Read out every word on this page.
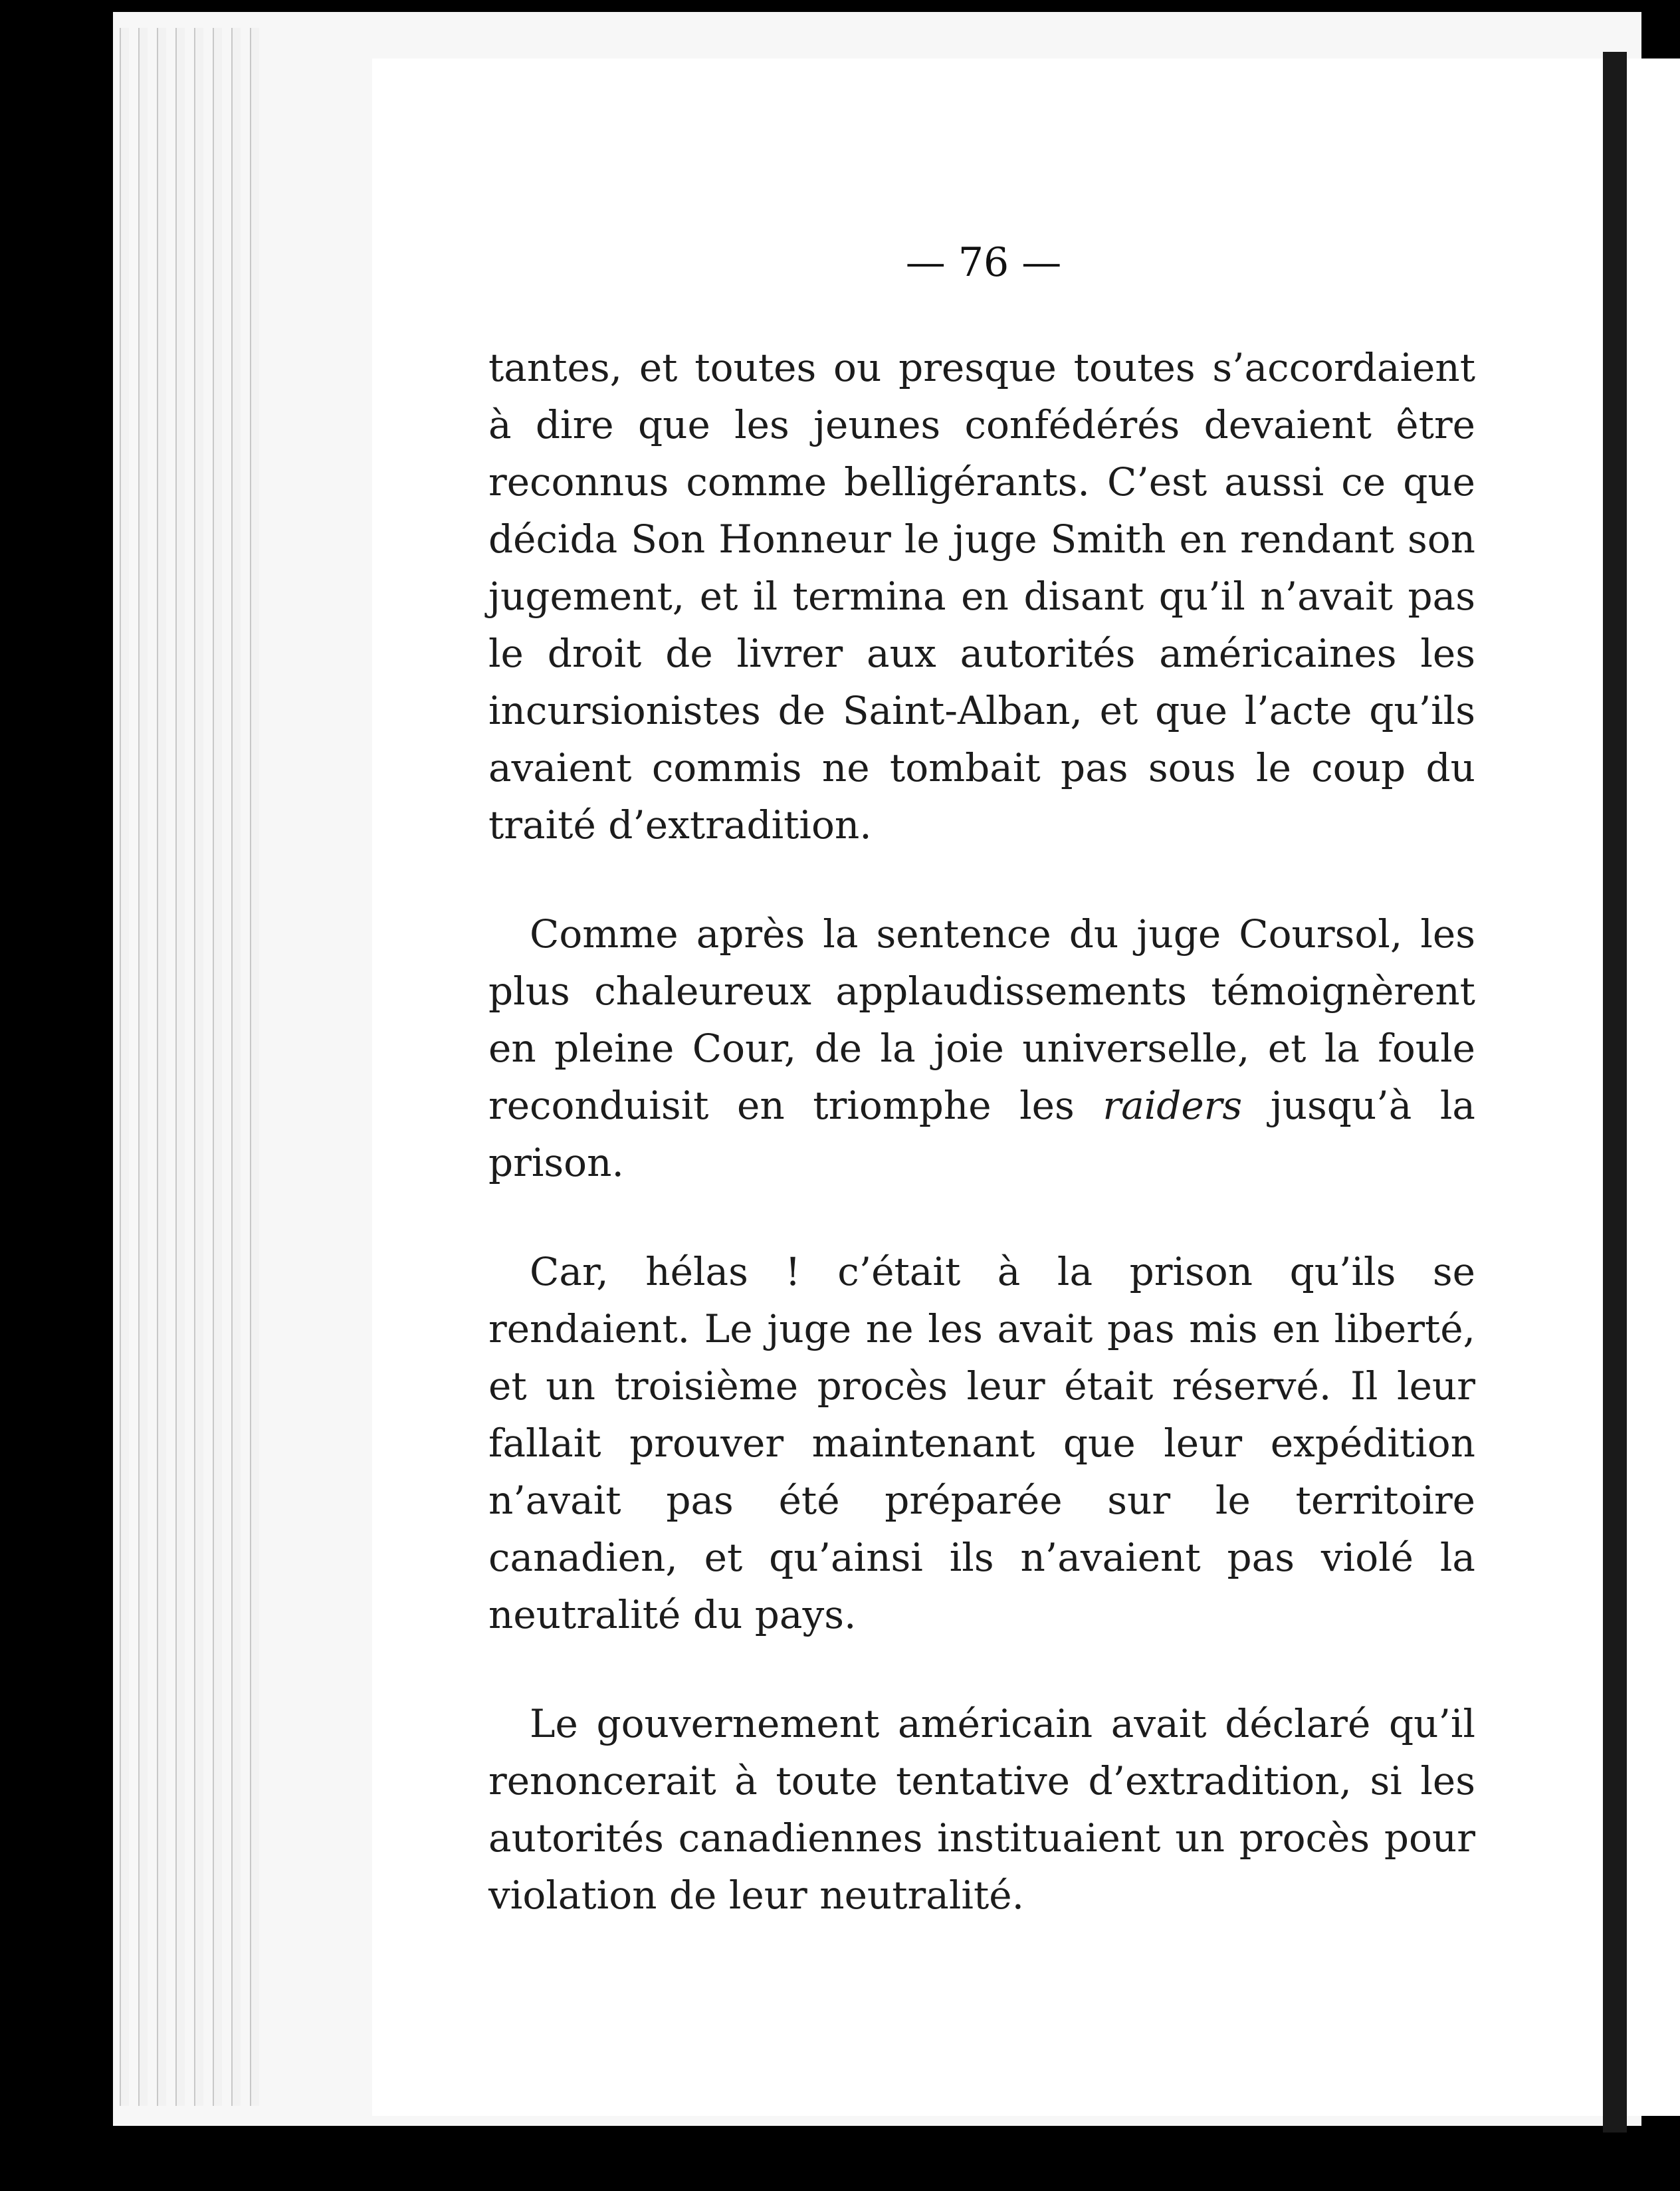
— 76 —

tantes, et toutes ou presque toutes s’accordaient à dire que les jeunes confédérés devaient être reconnus comme belligérants. C’est aussi ce que décida Son Honneur le juge Smith en rendant son jugement, et il termina en disant qu’il n’avait pas le droit de livrer aux autorités américaines les incursionistes de Saint-Alban, et que l’acte qu’ils avaient commis ne tombait pas sous le coup du traité d’extradition.

Comme après la sentence du juge Coursol, les plus chaleureux applaudissements témoignèrent en pleine Cour, de la joie universelle, et la foule reconduisit en triomphe les raiders jusqu’à la prison.

Car, hélas ! c’était à la prison qu’ils se rendaient. Le juge ne les avait pas mis en liberté, et un troisième procès leur était réservé. Il leur fallait prouver maintenant que leur expédition n’avait pas été préparée sur le territoire canadien, et qu’ainsi ils n’avaient pas violé la neutralité du pays.

Le gouvernement américain avait déclaré qu’il renoncerait à toute tentative d’extradition, si les autorités canadiennes instituaient un procès pour violation de leur neutralité.
